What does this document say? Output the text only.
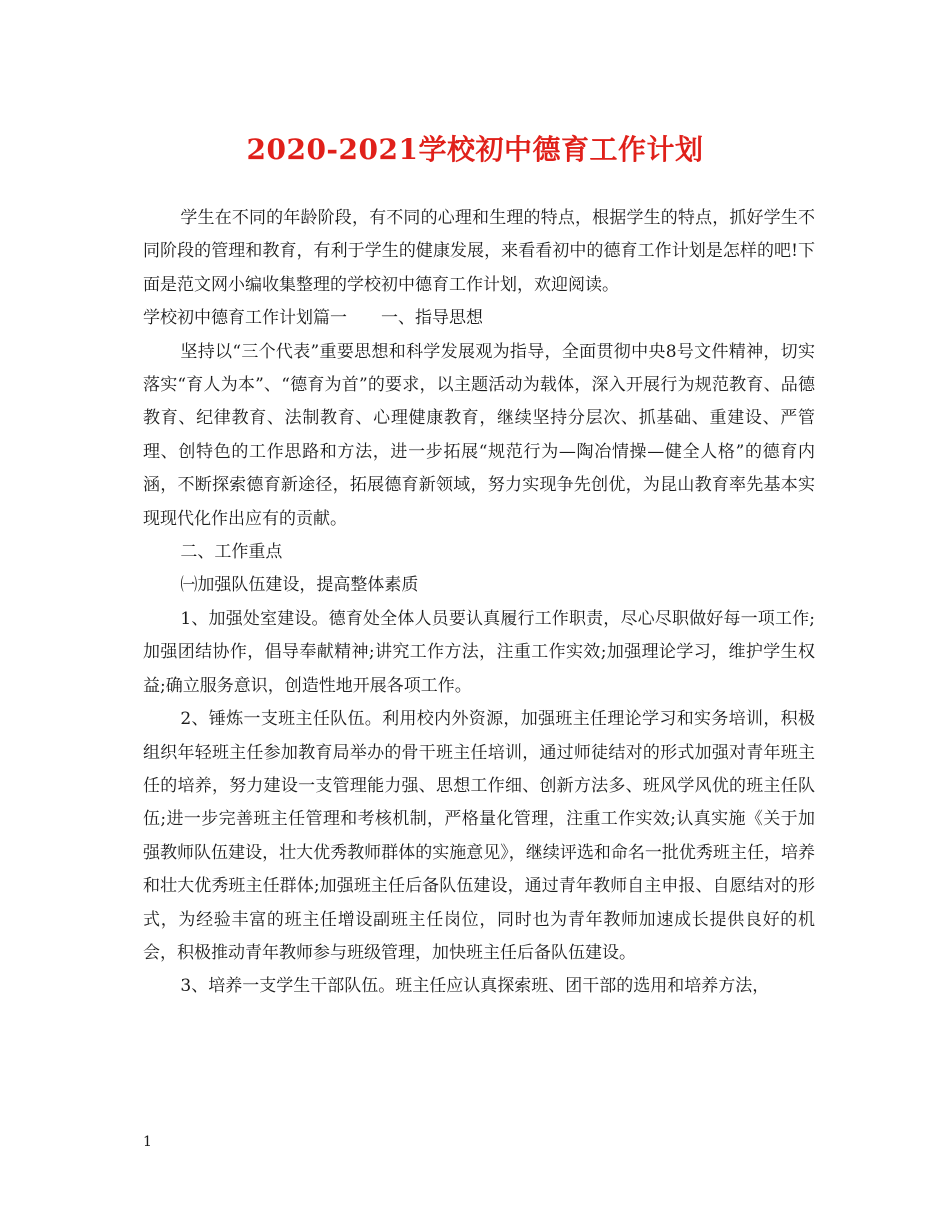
2020-2021学校初中德育工作计划

学生在不同的年龄阶段，有不同的心理和生理的特点，根据学生的特点，抓好学生不同阶段的管理和教育，有利于学生的健康发展，来看看初中的德育工作计划是怎样的吧!下面是范文网小编收集整理的学校初中德育工作计划，欢迎阅读。

学校初中德育工作计划篇一　　一、指导思想

坚持以“三个代表”重要思想和科学发展观为指导，全面贯彻中央8号文件精神，切实落实“育人为本”、“德育为首”的要求，以主题活动为载体，深入开展行为规范教育、品德教育、纪律教育、法制教育、心理健康教育，继续坚持分层次、抓基础、重建设、严管理、创特色的工作思路和方法，进一步拓展“规范行为—陶冶情操—健全人格”的德育内涵，不断探索德育新途径，拓展德育新领域，努力实现争先创优，为昆山教育率先基本实现现代化作出应有的贡献。

二、工作重点

㈠加强队伍建设，提高整体素质

1、加强处室建设。德育处全体人员要认真履行工作职责，尽心尽职做好每一项工作;加强团结协作，倡导奉献精神;讲究工作方法，注重工作实效;加强理论学习，维护学生权益;确立服务意识，创造性地开展各项工作。

2、锤炼一支班主任队伍。利用校内外资源，加强班主任理论学习和实务培训，积极组织年轻班主任参加教育局举办的骨干班主任培训，通过师徒结对的形式加强对青年班主任的培养，努力建设一支管理能力强、思想工作细、创新方法多、班风学风优的班主任队伍;进一步完善班主任管理和考核机制，严格量化管理，注重工作实效;认真实施《关于加强教师队伍建设，壮大优秀教师群体的实施意见》，继续评选和命名一批优秀班主任，培养和壮大优秀班主任群体;加强班主任后备队伍建设，通过青年教师自主申报、自愿结对的形式，为经验丰富的班主任增设副班主任岗位，同时也为青年教师加速成长提供良好的机会，积极推动青年教师参与班级管理，加快班主任后备队伍建设。

3、培养一支学生干部队伍。班主任应认真探索班、团干部的选用和培养方法，

1
